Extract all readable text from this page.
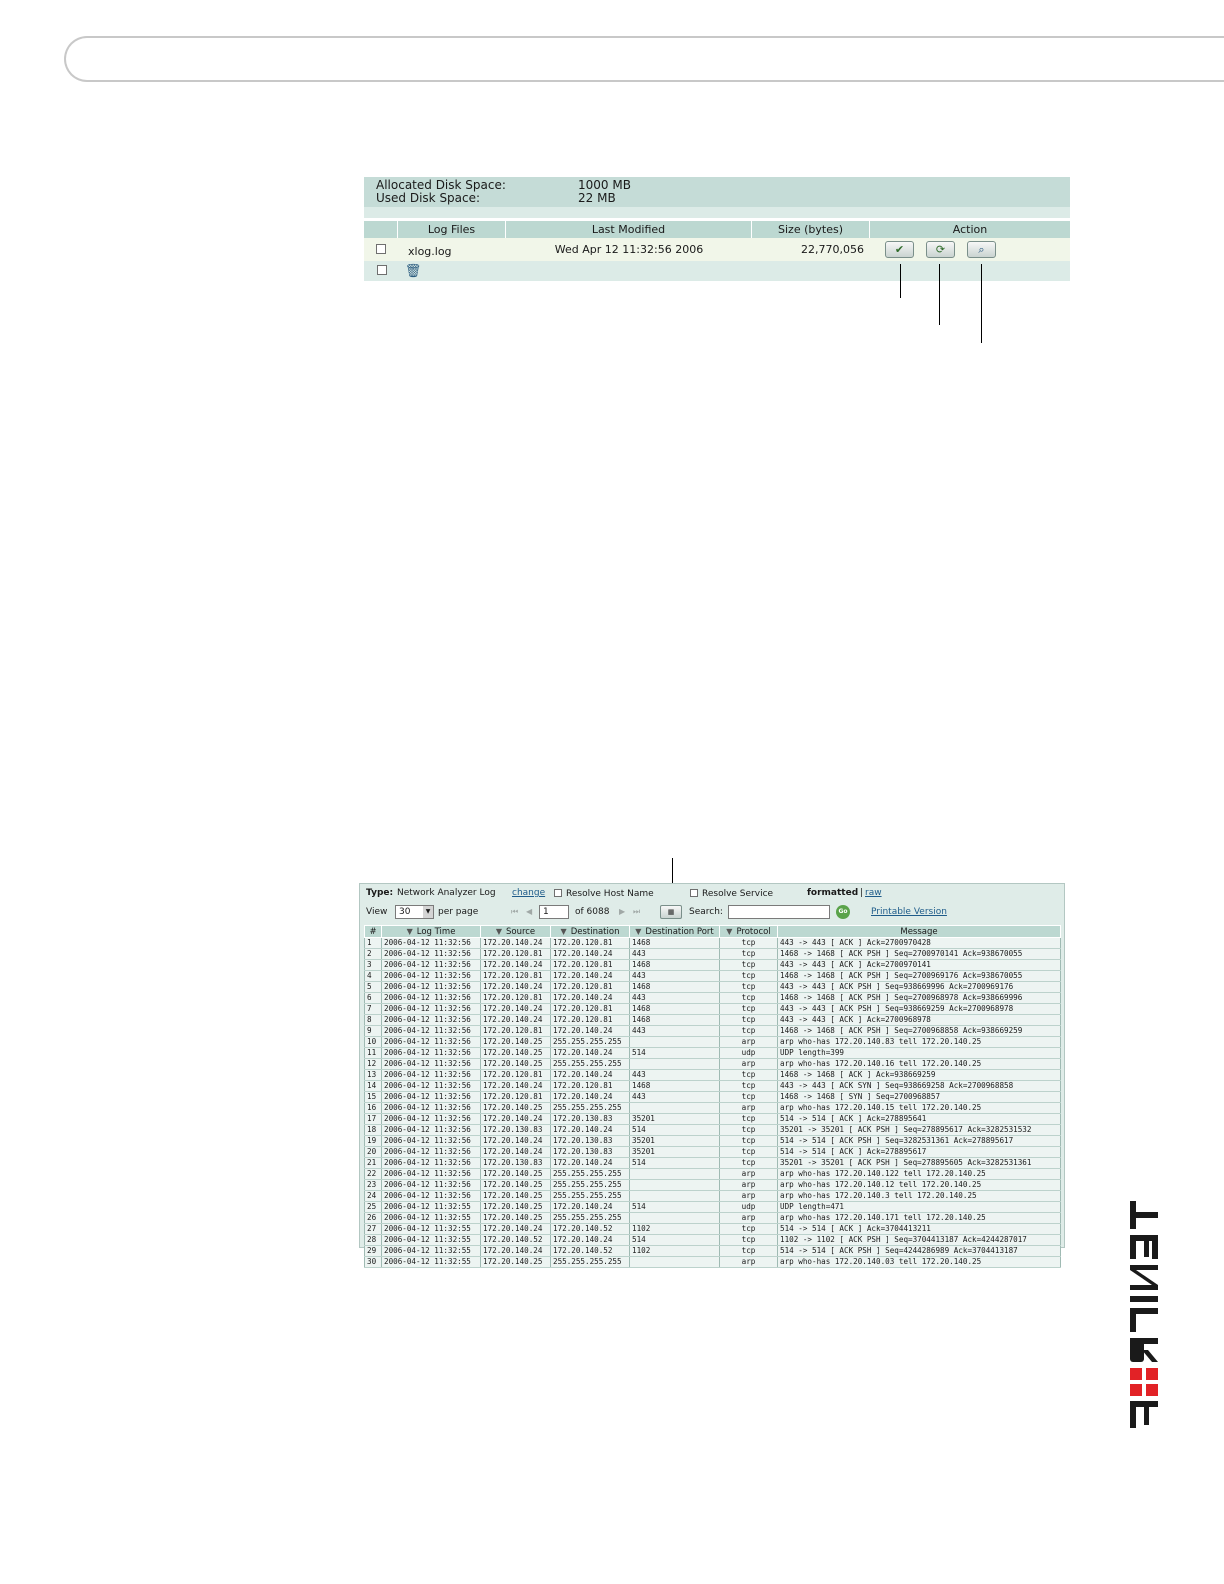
Allocated Disk Space:	1000 MB
Used Disk Space:	22 MB
Log Files	Last Modified	Size (bytes)	Action
xlog.log	Wed Apr 12 11:32:56 2006	22,770,056	✔	⟳	⌕
🗑
Type: Network Analyzer Log change	Resolve Host Name	Resolve Service	formatted | raw
View	30	▼ per page	⏮ ◀	1	of 6088 ▶ ⏭	▦	Search:	Go	Printable Version
#	▼ Log Time	▼ Source	▼ Destination	▼ Destination Port	▼ Protocol	Message
1	2006-04-12 11:32:56	172.20.140.24	172.20.120.81	1468	tcp	443 -> 443 [ ACK ] Ack=2700970428
2	2006-04-12 11:32:56	172.20.120.81	172.20.140.24	443	tcp	1468 -> 1468 [ ACK PSH ] Seq=2700970141 Ack=938670055
3	2006-04-12 11:32:56	172.20.140.24	172.20.120.81	1468	tcp	443 -> 443 [ ACK ] Ack=2700970141
4	2006-04-12 11:32:56	172.20.120.81	172.20.140.24	443	tcp	1468 -> 1468 [ ACK PSH ] Seq=2700969176 Ack=938670055
5	2006-04-12 11:32:56	172.20.140.24	172.20.120.81	1468	tcp	443 -> 443 [ ACK PSH ] Seq=938669996 Ack=2700969176
6	2006-04-12 11:32:56	172.20.120.81	172.20.140.24	443	tcp	1468 -> 1468 [ ACK PSH ] Seq=2700968978 Ack=938669996
7	2006-04-12 11:32:56	172.20.140.24	172.20.120.81	1468	tcp	443 -> 443 [ ACK PSH ] Seq=938669259 Ack=2700968978
8	2006-04-12 11:32:56	172.20.140.24	172.20.120.81	1468	tcp	443 -> 443 [ ACK ] Ack=2700968978
9	2006-04-12 11:32:56	172.20.120.81	172.20.140.24	443	tcp	1468 -> 1468 [ ACK PSH ] Seq=2700968858 Ack=938669259
10	2006-04-12 11:32:56	172.20.140.25	255.255.255.255		arp	arp who-has 172.20.140.83 tell 172.20.140.25
11	2006-04-12 11:32:56	172.20.140.25	172.20.140.24	514	udp	UDP length=399
12	2006-04-12 11:32:56	172.20.140.25	255.255.255.255		arp	arp who-has 172.20.140.16 tell 172.20.140.25
13	2006-04-12 11:32:56	172.20.120.81	172.20.140.24	443	tcp	1468 -> 1468 [ ACK ] Ack=938669259
14	2006-04-12 11:32:56	172.20.140.24	172.20.120.81	1468	tcp	443 -> 443 [ ACK SYN ] Seq=938669258 Ack=2700968858
15	2006-04-12 11:32:56	172.20.120.81	172.20.140.24	443	tcp	1468 -> 1468 [ SYN ] Seq=2700968857
16	2006-04-12 11:32:56	172.20.140.25	255.255.255.255		arp	arp who-has 172.20.140.15 tell 172.20.140.25
17	2006-04-12 11:32:56	172.20.140.24	172.20.130.83	35201	tcp	514 -> 514 [ ACK ] Ack=278895641
18	2006-04-12 11:32:56	172.20.130.83	172.20.140.24	514	tcp	35201 -> 35201 [ ACK PSH ] Seq=278895617 Ack=3282531532
19	2006-04-12 11:32:56	172.20.140.24	172.20.130.83	35201	tcp	514 -> 514 [ ACK PSH ] Seq=3282531361 Ack=278895617
20	2006-04-12 11:32:56	172.20.140.24	172.20.130.83	35201	tcp	514 -> 514 [ ACK ] Ack=278895617
21	2006-04-12 11:32:56	172.20.130.83	172.20.140.24	514	tcp	35201 -> 35201 [ ACK PSH ] Seq=278895605 Ack=3282531361
22	2006-04-12 11:32:56	172.20.140.25	255.255.255.255		arp	arp who-has 172.20.140.122 tell 172.20.140.25
23	2006-04-12 11:32:56	172.20.140.25	255.255.255.255		arp	arp who-has 172.20.140.12 tell 172.20.140.25
24	2006-04-12 11:32:56	172.20.140.25	255.255.255.255		arp	arp who-has 172.20.140.3 tell 172.20.140.25
25	2006-04-12 11:32:55	172.20.140.25	172.20.140.24	514	udp	UDP length=471
26	2006-04-12 11:32:55	172.20.140.25	255.255.255.255		arp	arp who-has 172.20.140.171 tell 172.20.140.25
27	2006-04-12 11:32:55	172.20.140.24	172.20.140.52	1102	tcp	514 -> 514 [ ACK ] Ack=3704413211
28	2006-04-12 11:32:55	172.20.140.52	172.20.140.24	514	tcp	1102 -> 1102 [ ACK PSH ] Seq=3704413187 Ack=4244287017
29	2006-04-12 11:32:55	172.20.140.24	172.20.140.52	1102	tcp	514 -> 514 [ ACK PSH ] Seq=4244286989 Ack=3704413187
30	2006-04-12 11:32:55	172.20.140.25	255.255.255.255		arp	arp who-has 172.20.140.03 tell 172.20.140.25
